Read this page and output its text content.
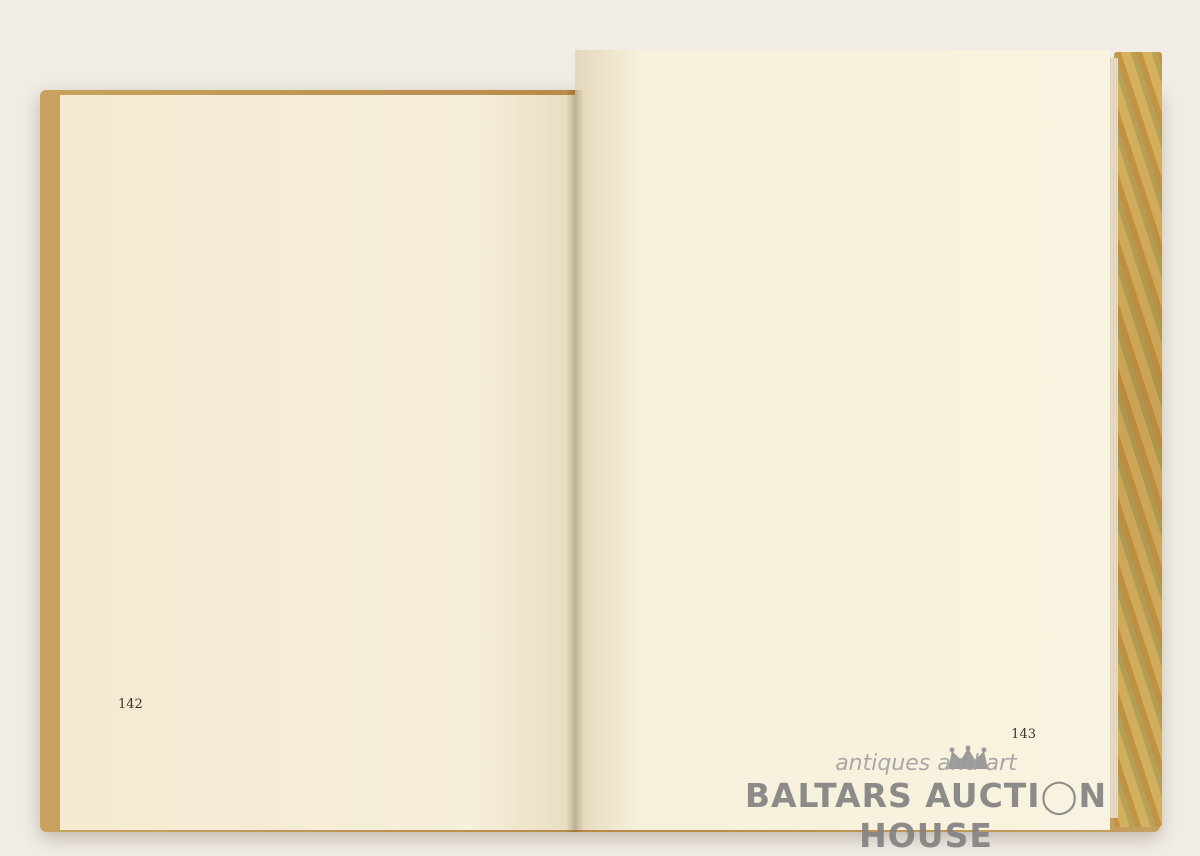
142
143
antiques and art
BALTARS AUCTI◯N HOUSE
